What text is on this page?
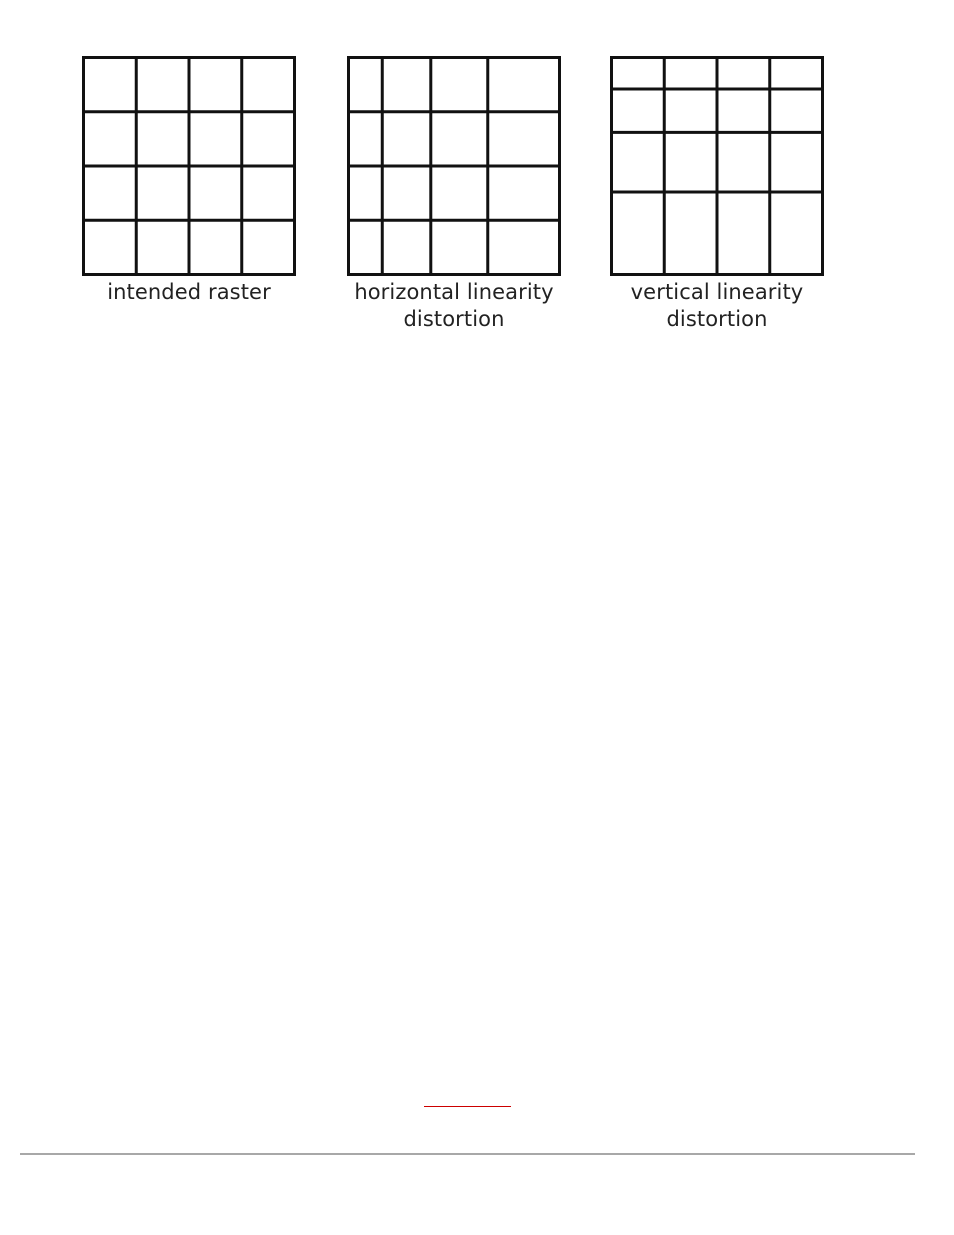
intended raster	horizontal linearity
distortion
vertical linearity
distortion
